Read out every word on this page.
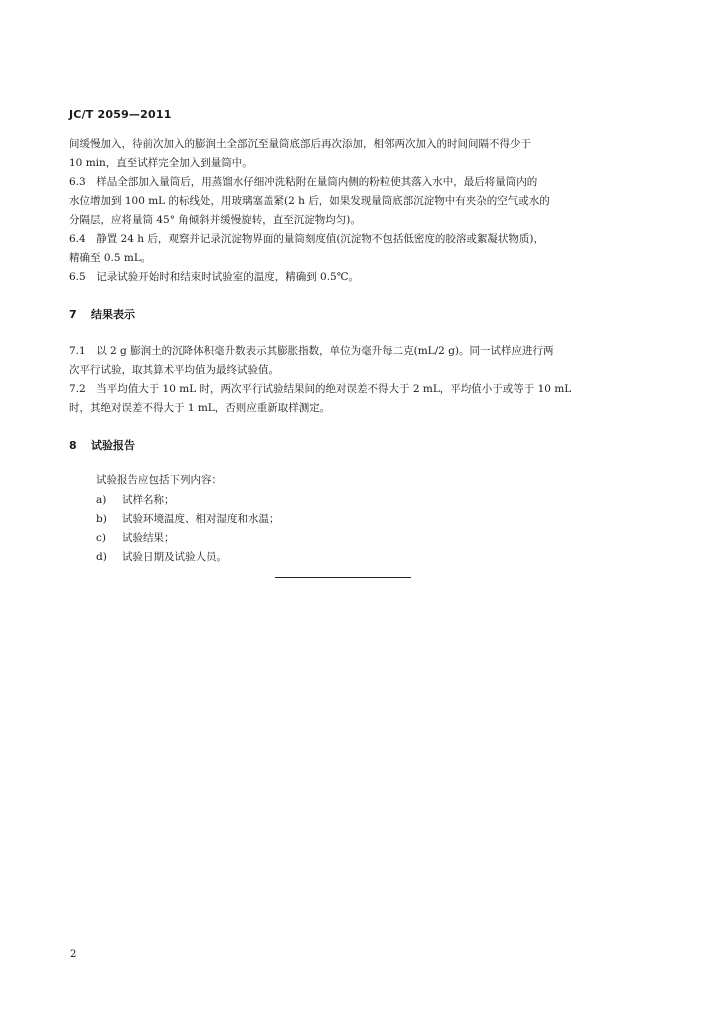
JC/T 2059—2011
间缓慢加入，待前次加入的膨润土全部沉至量筒底部后再次添加，相邻两次加入的时间间隔不得少于
10 min，直至试样完全加入到量筒中。
6.3　样品全部加入量筒后，用蒸馏水仔细冲洗粘附在量筒内侧的粉粒使其落入水中，最后将量筒内的
水位增加到 100 mL 的标线处，用玻璃塞盖紧(2 h 后，如果发现量筒底部沉淀物中有夹杂的空气或水的
分隔层，应将量筒 45° 角倾斜并缓慢旋转，直至沉淀物均匀)。
6.4　静置 24 h 后，观察并记录沉淀物界面的量筒刻度值(沉淀物不包括低密度的胶溶或絮凝状物质)，
精确至 0.5 mL。
6.5　记录试验开始时和结束时试验室的温度，精确到 0.5℃。
7 结果表示
7.1　以 2 g 膨润土的沉降体积毫升数表示其膨胀指数，单位为毫升每二克(mL/2 g)。同一试样应进行两
次平行试验，取其算术平均值为最终试验值。
7.2　当平均值大于 10 mL 时，两次平行试验结果间的绝对误差不得大于 2 mL，平均值小于或等于 10 mL
时，其绝对误差不得大于 1 mL，否则应重新取样测定。
8 试验报告
试验报告应包括下列内容：
a) 试样名称；
b) 试验环境温度、相对湿度和水温；
c) 试验结果；
d) 试验日期及试验人员。
2
